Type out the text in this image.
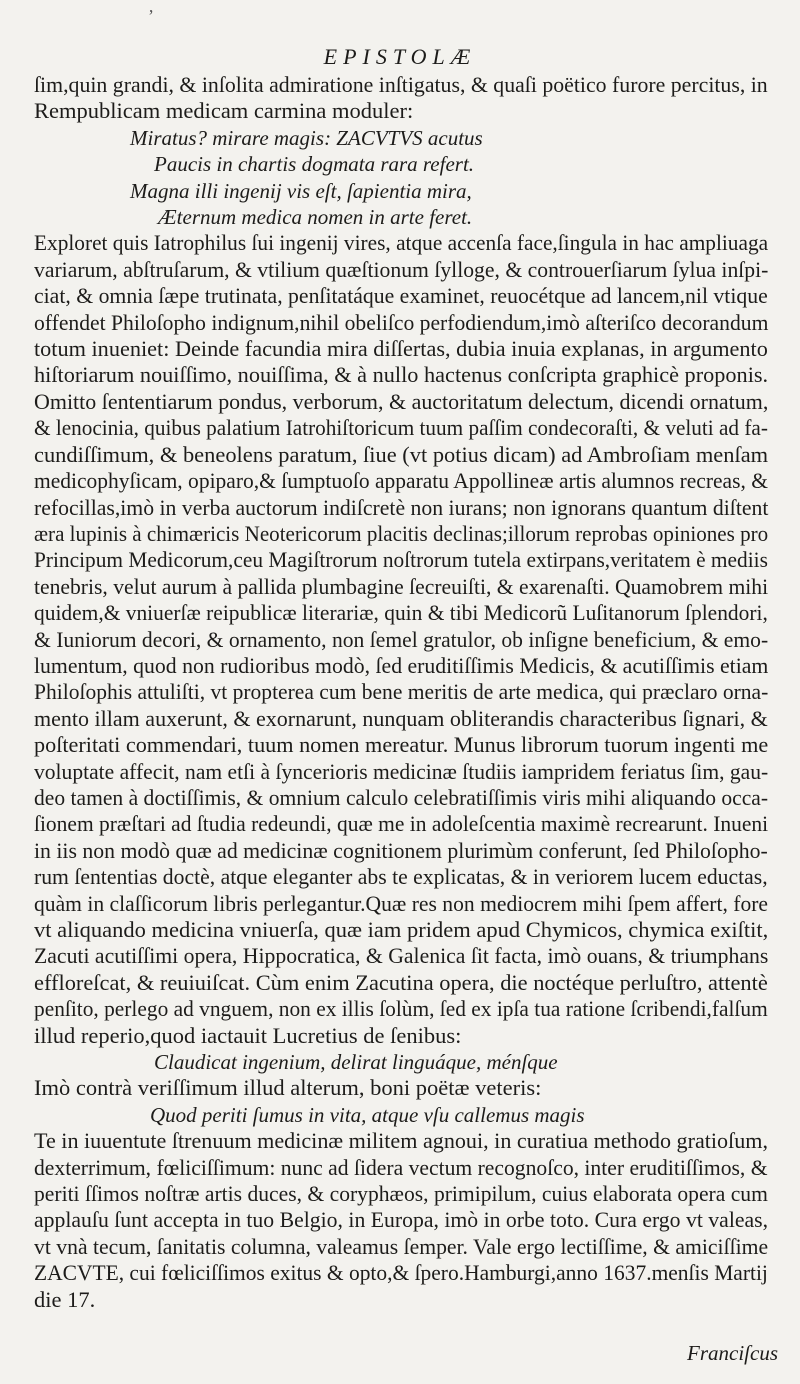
ʼ
EPISTOLÆ
ſim,quin grandi, & inſolita admiratione inſtigatus, & quaſi poëtico furore percitus, in
Rempublicam medicam carmina moduler:
Miratus? mirare magis: ZACVTVS acutus
Paucis in chartis dogmata rara refert.
Magna illi ingenij vis eſt, ſapientia mira,
Æternum medica nomen in arte feret.
Exploret quis Iatrophilus ſui ingenij vires, atque accenſa face,ſingula in hac ampliuaga
variarum, abſtruſarum, & vtilium quæſtionum ſylloge, & controuerſiarum ſylua inſpi-
ciat, & omnia ſæpe trutinata, penſitatáque examinet, reuocétque ad lancem,nil vtique
offendet Philoſopho indignum,nihil obeliſco perfodiendum,imò aſteriſco decorandum
totum inueniet: Deinde facundia mira diſſertas, dubia inuia explanas, in argumento
hiſtoriarum nouiſſimo, nouiſſima, & à nullo hactenus conſcripta graphicè proponis.
Omitto ſententiarum pondus, verborum, & auctoritatum delectum, dicendi ornatum,
& lenocinia, quibus palatium Iatrohiſtoricum tuum paſſim condecoraſti, & veluti ad fa-
cundiſſimum, & beneolens paratum, ſiue (vt potius dicam) ad Ambroſiam menſam
medicophyſicam, opiparo,& ſumptuoſo apparatu Appollineæ artis alumnos recreas, &
refocillas,imò in verba auctorum indiſcretè non iurans; non ignorans quantum diſtent
æra lupinis à chimæricis Neotericorum placitis declinas;illorum reprobas opiniones pro
Principum Medicorum,ceu Magiſtrorum noſtrorum tutela extirpans,veritatem è mediis
tenebris, velut aurum à pallida plumbagine ſecreuiſti, & exarenaſti. Quamobrem mihi
quidem,& vniuerſæ reipublicæ literariæ, quin & tibi Medicorũ Luſitanorum ſplendori,
& Iuniorum decori, & ornamento, non ſemel gratulor, ob inſigne beneficium, & emo-
lumentum, quod non rudioribus modò, ſed eruditiſſimis Medicis, & acutiſſimis etiam
Philoſophis attuliſti, vt propterea cum bene meritis de arte medica, qui præclaro orna-
mento illam auxerunt, & exornarunt, nunquam obliterandis characteribus ſignari, &
poſteritati commendari, tuum nomen mereatur. Munus librorum tuorum ingenti me
voluptate affecit, nam etſi à ſyncerioris medicinæ ſtudiis iampridem feriatus ſim, gau-
deo tamen à doctiſſimis, & omnium calculo celebratiſſimis viris mihi aliquando occa-
ſionem præſtari ad ſtudia redeundi, quæ me in adoleſcentia maximè recrearunt. Inueni
in iis non modò quæ ad medicinæ cognitionem plurimùm conferunt, ſed Philoſopho-
rum ſententias doctè, atque eleganter abs te explicatas, & in veriorem lucem eductas,
quàm in claſſicorum libris perlegantur.Quæ res non mediocrem mihi ſpem affert, fore
vt aliquando medicina vniuerſa, quæ iam pridem apud Chymicos, chymica exiſtit,
Zacuti acutiſſimi opera, Hippocratica, & Galenica ſit facta, imò ouans, & triumphans
effloreſcat, & reuiuiſcat. Cùm enim Zacutina opera, die noctéque perluſtro, attentè
penſito, perlego ad vnguem, non ex illis ſolùm, ſed ex ipſa tua ratione ſcribendi,falſum
illud reperio,quod iactauit Lucretius de ſenibus:
Claudicat ingenium, delirat linguáque, ménſque
Imò contrà veriſſimum illud alterum, boni poëtæ veteris:
Quod periti ſumus in vita, atque vſu callemus magis
Te in iuuentute ſtrenuum medicinæ militem agnoui, in curatiua methodo gratioſum,
dexterrimum, fœliciſſimum: nunc ad ſidera vectum recognoſco, inter eruditiſſimos, &
periti ſſimos noſtræ artis duces, & coryphæos, primipilum, cuius elaborata opera cum
applauſu ſunt accepta in tuo Belgio, in Europa, imò in orbe toto. Cura ergo vt valeas,
vt vnà tecum, ſanitatis columna, valeamus ſemper. Vale ergo lectiſſime, & amiciſſime
ZACVTE, cui fœliciſſimos exitus & opto,& ſpero.Hamburgi,anno 1637.menſis Martij
die 17.
Franciſcus
